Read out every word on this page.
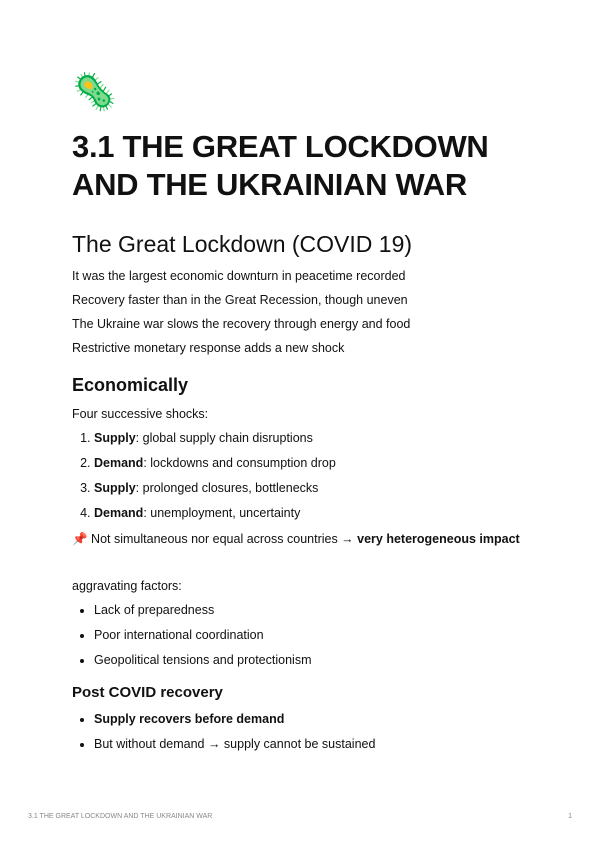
🦠
3.1 THE GREAT LOCKDOWN
AND THE UKRAINIAN WAR
The Great Lockdown (COVID 19)

It was the largest economic downturn in peacetime recorded

Recovery faster than in the Great Recession, though uneven

The Ukraine war slows the recovery through energy and food

Restrictive monetary response adds a new shock

Economically

Four successive shocks:

1. Supply: global supply chain disruptions
2. Demand: lockdowns and consumption drop
3. Supply: prolonged closures, bottlenecks
4. Demand: unemployment, uncertainty

📌 Not simultaneous nor equal across countries → very heterogeneous impact

aggravating factors:

• Lack of preparedness
• Poor international coordination
• Geopolitical tensions and protectionism
Post COVID recovery
• Supply recovers before demand
• But without demand → supply cannot be sustained
3.1 THE GREAT LOCKDOWN AND THE UKRAINIAN WAR	1
